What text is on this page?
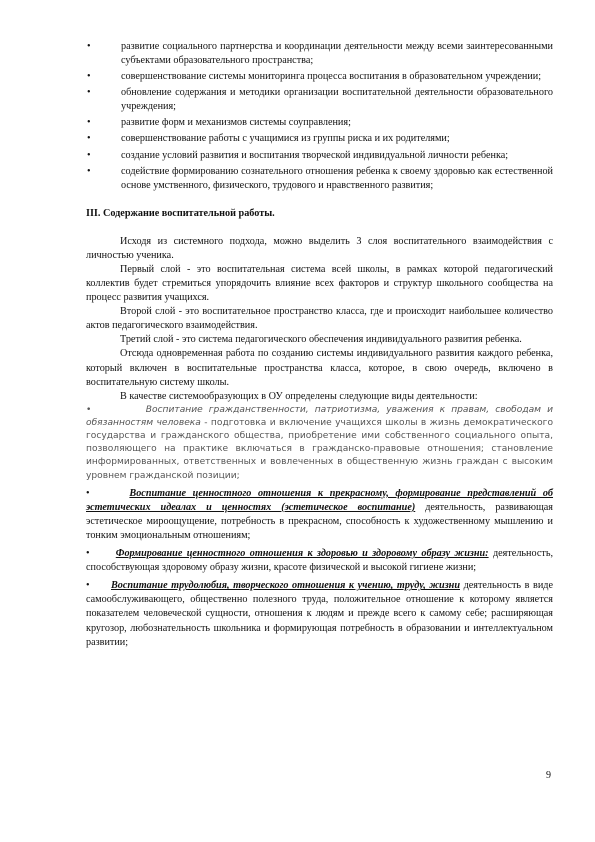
•	развитие социального партнерства и координации деятельности между всеми заинтересованными субъектами образовательного пространства;
•	совершенствование системы мониторинга процесса воспитания в образовательном учреждении;
•	обновление содержания и методики организации воспитательной деятельности образовательного учреждения;
•	развитие форм и механизмов системы соуправления;
•	совершенствование работы с учащимися из группы риска и их родителями;
•	создание условий развития и воспитания творческой индивидуальной личности ребенка;
•	содействие формированию сознательного отношения ребенка к своему здоровью как естественной основе умственного, физического, трудового и нравственного развития;

III. Содержание воспитательной работы.

Исходя из системного подхода, можно выделить 3 слоя воспитательного взаимодействия с личностью ученика.

Первый слой - это воспитательная система всей школы, в рамках которой педагогический коллектив будет стремиться упорядочить влияние всех факторов и структур школьного сообщества на процесс развития учащихся.

Второй слой - это воспитательное пространство класса, где и происходит наибольшее количество актов педагогического взаимодействия.

Третий слой - это система педагогического обеспечения индивидуального развития ребенка.

Отсюда одновременная работа по созданию системы индивидуального развития каждого ребенка, который включен в воспитательные пространства класса, которое, в свою очередь, включено в воспитательную систему школы.

В качестве системообразующих в ОУ определены следующие виды деятельности:

•	Воспитание гражданственности, патриотизма, уважения к правам, свободам и обязанностям человека - подготовка и включение учащихся школы в жизнь демократического государства и гражданского общества, приобретение ими собственного социального опыта, позволяющего на практике включаться в гражданско-правовые отношения; становление информированных, ответственных и вовлеченных в общественную жизнь граждан с высоким уровнем гражданской позиции;

•	Воспитание ценностного отношения к прекрасному, формирование представлений об эстетических идеалах и ценностях (эстетическое воспитание) деятельность, развивающая эстетическое мироощущение, потребность в прекрасном, способность к художественному мышлению и тонким эмоциональным отношениям;

•	Формирование ценностного отношения к здоровью и здоровому образу жизни: деятельность, способствующая здоровому образу жизни, красоте физической и высокой гигиене жизни;

• Воспитание трудолюбия, творческого отношения к учению, труду, жизни деятельность в виде самообслуживающего, общественно полезного труда, положительное отношение к которому является показателем человеческой сущности, отношения к людям и прежде всего к самому себе; расширяющая кругозор, любознательность школьника и формирующая потребность в образовании и интеллектуальном развитии;

9
